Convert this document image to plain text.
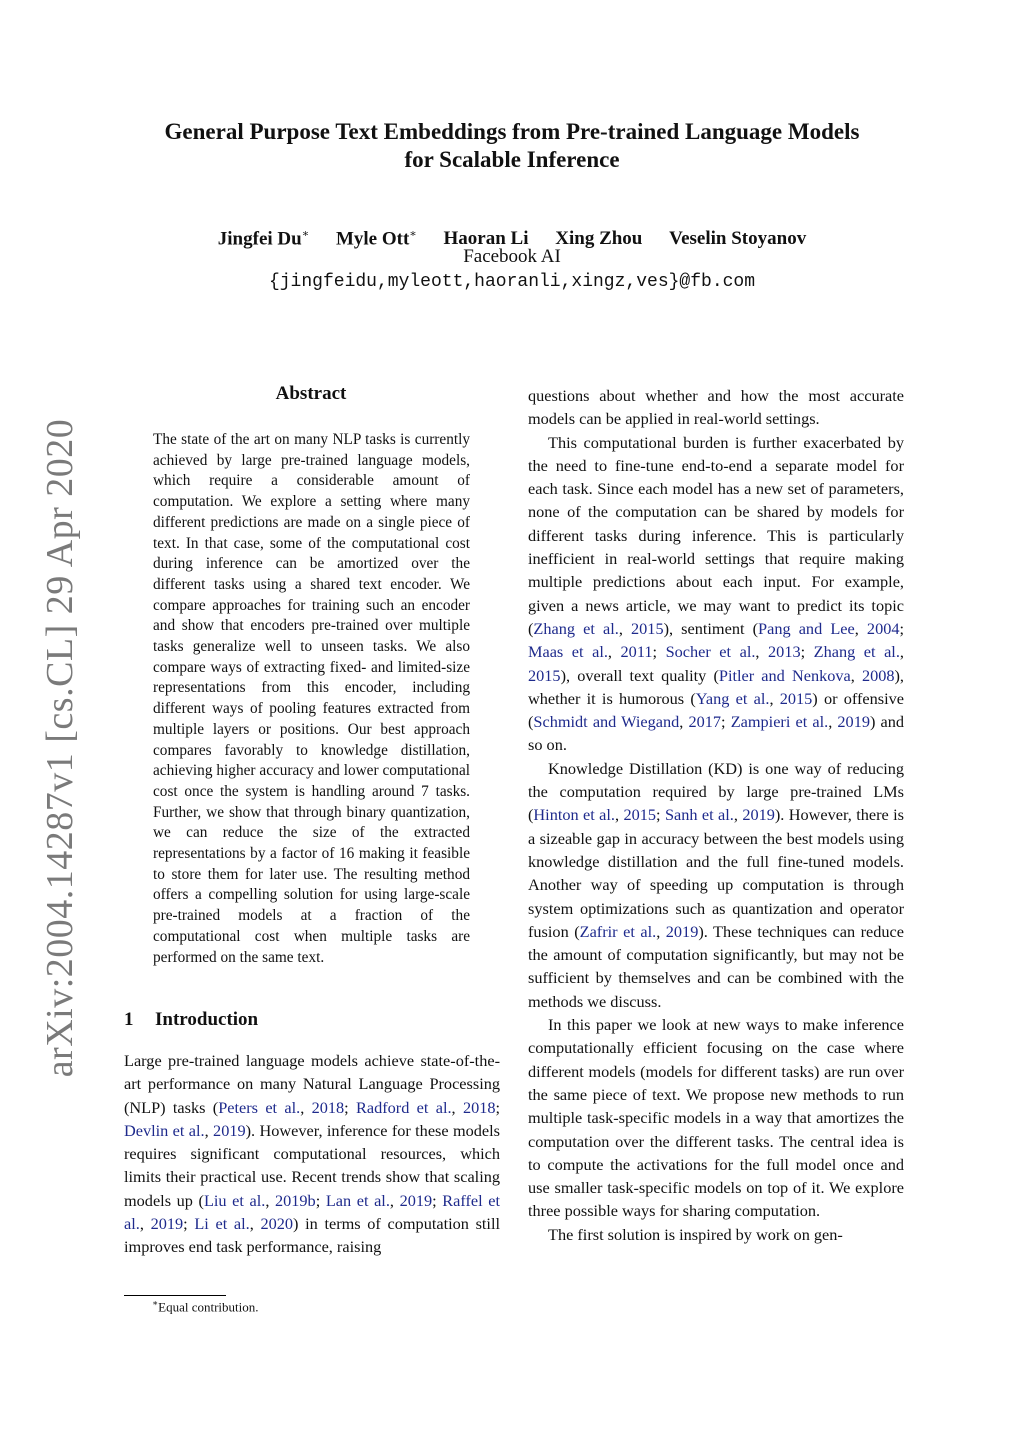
arXiv:2004.14287v1 [cs.CL] 29 Apr 2020
General Purpose Text Embeddings from Pre-trained Language Models
for Scalable Inference
Jingfei Du∗ Myle Ott∗ Haoran Li Xing Zhou Veselin Stoyanov
Facebook AI
{jingfeidu,myleott,haoranli,xingz,ves}@fb.com
Abstract
The state of the art on many NLP tasks is currently achieved by large pre-trained language models, which require a considerable amount of computation. We explore a setting where many different predictions are made on a single piece of text. In that case, some of the computational cost during inference can be amortized over the different tasks using a shared text encoder. We compare approaches for training such an encoder and show that encoders pre-trained over multiple tasks generalize well to unseen tasks. We also compare ways of extracting fixed- and limited-size representations from this encoder, including different ways of pooling features extracted from multiple layers or positions. Our best approach compares favorably to knowledge distillation, achieving higher accuracy and lower computational cost once the system is handling around 7 tasks. Further, we show that through binary quantization, we can reduce the size of the extracted representations by a factor of 16 making it feasible to store them for later use. The resulting method offers a compelling solution for using large-scale pre-trained models at a fraction of the computational cost when multiple tasks are performed on the same text.
1 Introduction
Large pre-trained language models achieve state-of-the-art performance on many Natural Language Processing (NLP) tasks (Peters et al., 2018; Radford et al., 2018; Devlin et al., 2019). However, inference for these models requires significant computational resources, which limits their practical use. Recent trends show that scaling models up (Liu et al., 2019b; Lan et al., 2019; Raffel et al., 2019; Li et al., 2020) in terms of computation still improves end task performance, raising
∗Equal contribution.

questions about whether and how the most accurate models can be applied in real-world settings.

This computational burden is further exacerbated by the need to fine-tune end-to-end a separate model for each task. Since each model has a new set of parameters, none of the computation can be shared by models for different tasks during inference. This is particularly inefficient in real-world settings that require making multiple predictions about each input. For example, given a news article, we may want to predict its topic (Zhang et al., 2015), sentiment (Pang and Lee, 2004; Maas et al., 2011; Socher et al., 2013; Zhang et al., 2015), overall text quality (Pitler and Nenkova, 2008), whether it is humorous (Yang et al., 2015) or offensive (Schmidt and Wiegand, 2017; Zampieri et al., 2019) and so on.

Knowledge Distillation (KD) is one way of reducing the computation required by large pre-trained LMs (Hinton et al., 2015; Sanh et al., 2019). However, there is a sizeable gap in accuracy between the best models using knowledge distillation and the full fine-tuned models. Another way of speeding up computation is through system optimizations such as quantization and operator fusion (Zafrir et al., 2019). These techniques can reduce the amount of computation significantly, but may not be sufficient by themselves and can be combined with the methods we discuss.

In this paper we look at new ways to make inference computationally efficient focusing on the case where different models (models for different tasks) are run over the same piece of text. We propose new methods to run multiple task-specific models in a way that amortizes the computation over the different tasks. The central idea is to compute the activations for the full model once and use smaller task-specific models on top of it. We explore three possible ways for sharing computation.

The first solution is inspired by work on gen-
